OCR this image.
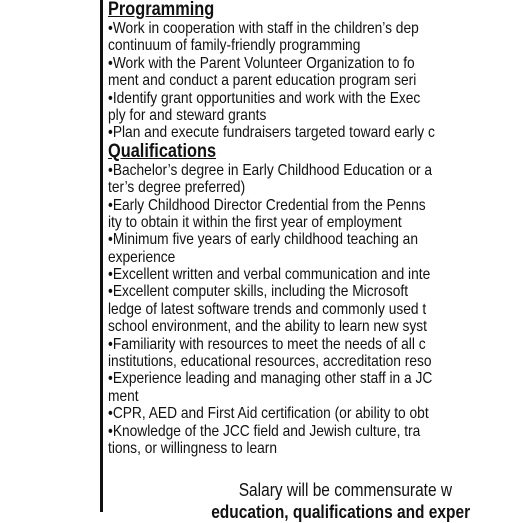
Programming
•Work in cooperation with staff in the children’s dep
continuum of family-friendly programming
•Work with the Parent Volunteer Organization to fo
ment and conduct a parent education program seri
•Identify grant opportunities and work with the Exec
ply for and steward grants
•Plan and execute fundraisers targeted toward early c
Qualifications
•Bachelor’s degree in Early Childhood Education or a
ter’s degree preferred)
•Early Childhood Director Credential from the Penns
ity to obtain it within the first year of employment
•Minimum five years of early childhood teaching an
experience
•Excellent written and verbal communication and inte
•Excellent computer skills, including the Microsoft
ledge of latest software trends and commonly used t
school environment, and the ability to learn new syst
•Familiarity with resources to meet the needs of all c
institutions, educational resources, accreditation reso
•Experience leading and managing other staff in a JC
ment
•CPR, AED and First Aid certification (or ability to obt
•Knowledge of the JCC field and Jewish culture, tra
tions, or willingness to learn
Salary will be commensurate w
education, qualifications and exper
